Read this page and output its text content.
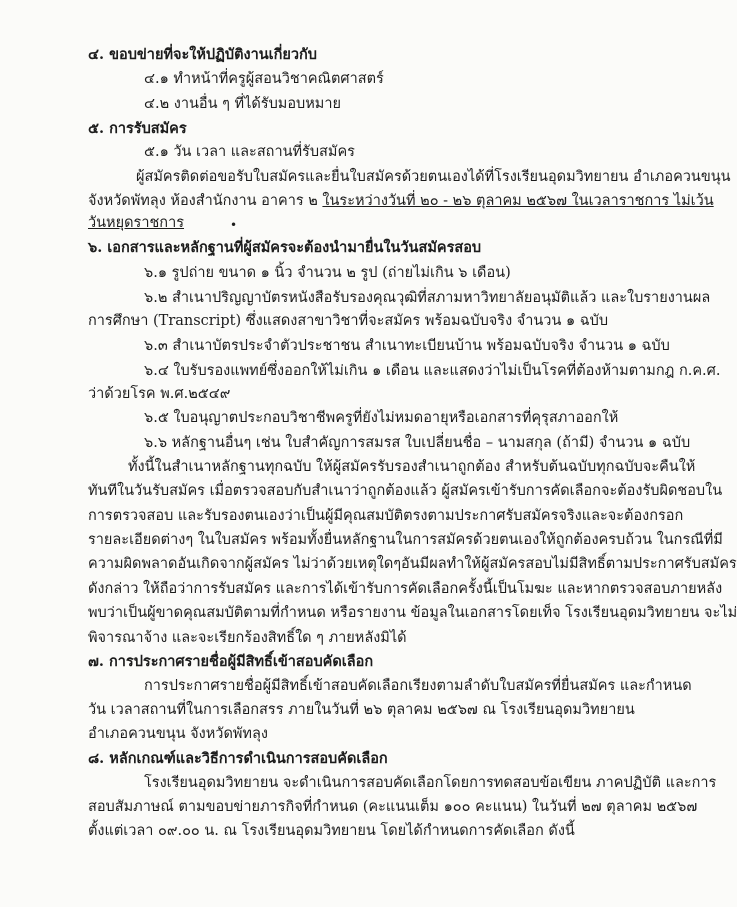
๔. ขอบข่ายที่จะให้ปฏิบัติงานเกี่ยวกับ
๔.๑ ทำหน้าที่ครูผู้สอนวิชาคณิตศาสตร์
๔.๒ งานอื่น ๆ ที่ได้รับมอบหมาย
๕. การรับสมัคร
๕.๑ วัน เวลา และสถานที่รับสมัคร
ผู้สมัครติดต่อขอรับใบสมัครและยื่นใบสมัครด้วยตนเองได้ที่โรงเรียนอุดมวิทยายน อำเภอควนขนุน
จังหวัดพัทลุง ห้องสำนักงาน อาคาร ๒ ในระหว่างวันที่ ๒๐ - ๒๖ ตุลาคม ๒๕๖๗ ในเวลาราชการ ไม่เว้น
วันหยุดราชการ	•
๖. เอกสารและหลักฐานที่ผู้สมัครจะต้องนำมายื่นในวันสมัครสอบ
๖.๑ รูปถ่าย ขนาด ๑ นิ้ว จำนวน ๒ รูป (ถ่ายไม่เกิน ๖ เดือน)
๖.๒ สำเนาปริญญาบัตรหนังสือรับรองคุณวุฒิที่สภามหาวิทยาลัยอนุมัติแล้ว และใบรายงานผล
การศึกษา (Transcript) ซึ่งแสดงสาขาวิชาที่จะสมัคร พร้อมฉบับจริง จำนวน ๑ ฉบับ
๖.๓ สำเนาบัตรประจำตัวประชาชน สำเนาทะเบียนบ้าน พร้อมฉบับจริง จำนวน ๑ ฉบับ
๖.๔ ใบรับรองแพทย์ซึ่งออกให้ไม่เกิน ๑ เดือน และแสดงว่าไม่เป็นโรคที่ต้องห้ามตามกฎ ก.ค.ศ.
ว่าด้วยโรค พ.ศ.๒๕๔๙
๖.๕ ใบอนุญาตประกอบวิชาชีพครูที่ยังไม่หมดอายุหรือเอกสารที่คุรุสภาออกให้
๖.๖ หลักฐานอื่นๆ เช่น ใบสำคัญการสมรส ใบเปลี่ยนชื่อ – นามสกุล (ถ้ามี) จำนวน ๑ ฉบับ
ทั้งนี้ในสำเนาหลักฐานทุกฉบับ ให้ผู้สมัครรับรองสำเนาถูกต้อง สำหรับต้นฉบับทุกฉบับจะคืนให้
ทันทีในวันรับสมัคร เมื่อตรวจสอบกับสำเนาว่าถูกต้องแล้ว ผู้สมัครเข้ารับการคัดเลือกจะต้องรับผิดชอบใน
การตรวจสอบ และรับรองตนเองว่าเป็นผู้มีคุณสมบัติตรงตามประกาศรับสมัครจริงและจะต้องกรอก
รายละเอียดต่างๆ ในใบสมัคร พร้อมทั้งยื่นหลักฐานในการสมัครด้วยตนเองให้ถูกต้องครบถ้วน ในกรณีที่มี
ความผิดพลาดอันเกิดจากผู้สมัคร ไม่ว่าด้วยเหตุใดๆอันมีผลทำให้ผู้สมัครสอบไม่มีสิทธิ์ตามประกาศรับสมัคร
ดังกล่าว ให้ถือว่าการรับสมัคร และการได้เข้ารับการคัดเลือกครั้งนี้เป็นโมฆะ และหากตรวจสอบภายหลัง
พบว่าเป็นผู้ขาดคุณสมบัติตามที่กำหนด หรือรายงาน ข้อมูลในเอกสารโดยเท็จ โรงเรียนอุดมวิทยายน จะไม่
พิจารณาจ้าง และจะเรียกร้องสิทธิ์ใด ๆ ภายหลังมิได้
๗. การประกาศรายชื่อผู้มีสิทธิ์เข้าสอบคัดเลือก
การประกาศรายชื่อผู้มีสิทธิ์เข้าสอบคัดเลือกเรียงตามลำดับใบสมัครที่ยื่นสมัคร และกำหนด
วัน เวลาสถานที่ในการเลือกสรร ภายในวันที่ ๒๖ ตุลาคม ๒๕๖๗ ณ โรงเรียนอุดมวิทยายน
อำเภอควนขนุน จังหวัดพัทลุง
๘. หลักเกณฑ์และวิธีการดำเนินการสอบคัดเลือก
โรงเรียนอุดมวิทยายน จะดำเนินการสอบคัดเลือกโดยการทดสอบข้อเขียน ภาคปฏิบัติ และการ
สอบสัมภาษณ์ ตามขอบข่ายภารกิจที่กำหนด (คะแนนเต็ม ๑๐๐ คะแนน) ในวันที่ ๒๗ ตุลาคม ๒๕๖๗
ตั้งแต่เวลา ๐๙.๐๐ น. ณ โรงเรียนอุดมวิทยายน โดยได้กำหนดการคัดเลือก ดังนี้
